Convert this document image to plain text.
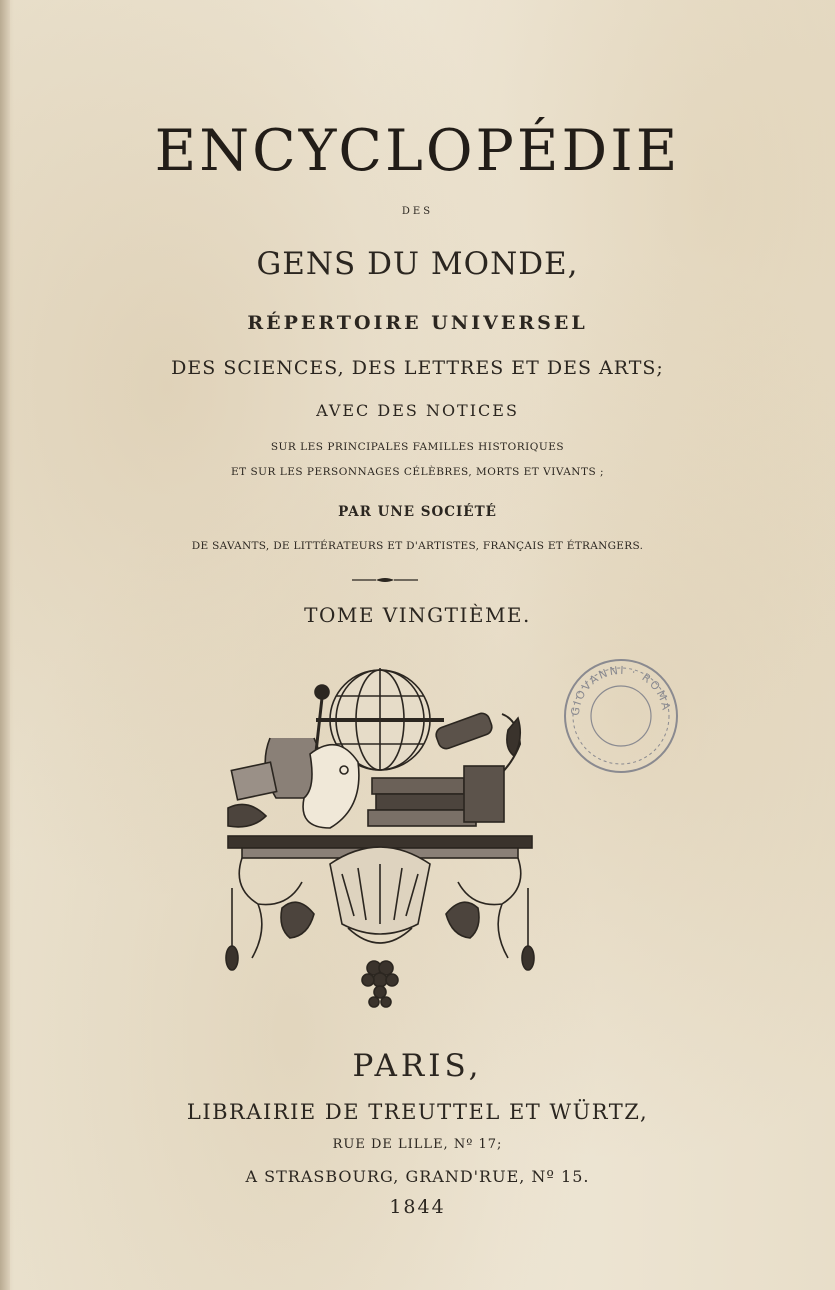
ENCYCLOPÉDIE

DES

GENS DU MONDE,

RÉPERTOIRE UNIVERSEL

DES SCIENCES, DES LETTRES ET DES ARTS;

AVEC DES NOTICES

SUR LES PRINCIPALES FAMILLES HISTORIQUES

ET SUR LES PERSONNAGES CÉLÈBRES, MORTS ET VIVANTS ;

PAR UNE SOCIÉTÉ

DE SAVANTS, DE LITTÉRATEURS ET D'ARTISTES, FRANÇAIS ET ÉTRANGERS.

TOME VINGTIÈME.

GIOVANNI · ROMA

PARIS,

LIBRAIRIE DE TREUTTEL ET WÜRTZ,

RUE DE LILLE, Nº 17;

A STRASBOURG, GRAND'RUE, Nº 15.

1844
